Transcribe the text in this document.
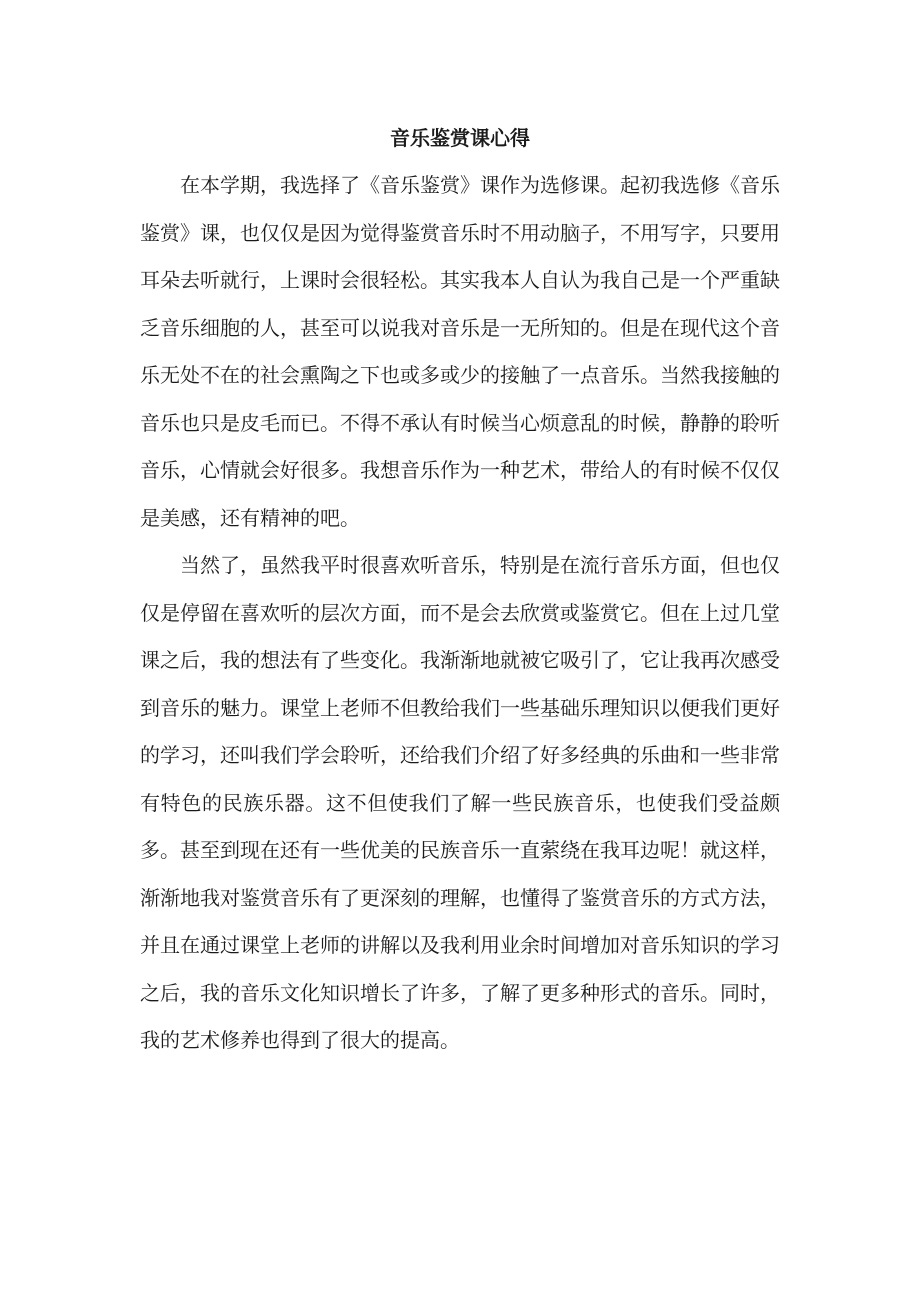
音乐鉴赏课心得

在本学期，我选择了《音乐鉴赏》课作为选修课。起初我选修《音乐鉴赏》课，也仅仅是因为觉得鉴赏音乐时不用动脑子，不用写字，只要用耳朵去听就行，上课时会很轻松。其实我本人自认为我自己是一个严重缺乏音乐细胞的人，甚至可以说我对音乐是一无所知的。但是在现代这个音乐无处不在的社会熏陶之下也或多或少的接触了一点音乐。当然我接触的音乐也只是皮毛而已。不得不承认有时候当心烦意乱的时候，静静的聆听音乐，心情就会好很多。我想音乐作为一种艺术，带给人的有时候不仅仅是美感，还有精神的吧。

当然了，虽然我平时很喜欢听音乐，特别是在流行音乐方面，但也仅仅是停留在喜欢听的层次方面，而不是会去欣赏或鉴赏它。但在上过几堂课之后，我的想法有了些变化。我渐渐地就被它吸引了，它让我再次感受到音乐的魅力。课堂上老师不但教给我们一些基础乐理知识以便我们更好的学习，还叫我们学会聆听，还给我们介绍了好多经典的乐曲和一些非常有特色的民族乐器。这不但使我们了解一些民族音乐，也使我们受益颇多。甚至到现在还有一些优美的民族音乐一直萦绕在我耳边呢！就这样，渐渐地我对鉴赏音乐有了更深刻的理解，也懂得了鉴赏音乐的方式方法，并且在通过课堂上老师的讲解以及我利用业余时间增加对音乐知识的学习之后，我的音乐文化知识增长了许多，了解了更多种形式的音乐。同时，我的艺术修养也得到了很大的提高。
